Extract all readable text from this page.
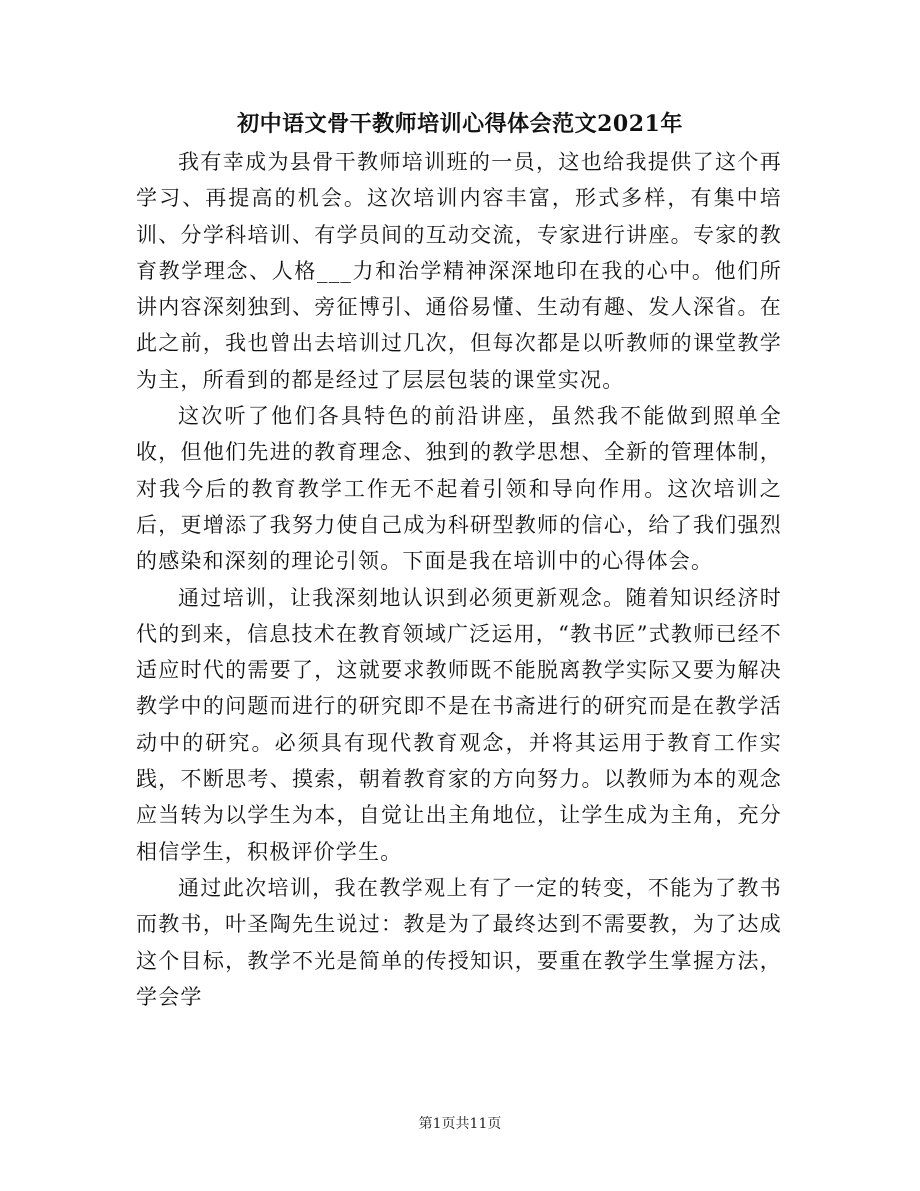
初中语文骨干教师培训心得体会范文2021年

我有幸成为县骨干教师培训班的一员，这也给我提供了这个再学习、再提高的机会。这次培训内容丰富，形式多样，有集中培训、分学科培训、有学员间的互动交流，专家进行讲座。专家的教育教学理念、人格___力和治学精神深深地印在我的心中。他们所讲内容深刻独到、旁征博引、通俗易懂、生动有趣、发人深省。在此之前，我也曾出去培训过几次，但每次都是以听教师的课堂教学为主，所看到的都是经过了层层包装的课堂实况。

这次听了他们各具特色的前沿讲座，虽然我不能做到照单全收，但他们先进的教育理念、独到的教学思想、全新的管理体制，对我今后的教育教学工作无不起着引领和导向作用。这次培训之后，更增添了我努力使自己成为科研型教师的信心，给了我们强烈的感染和深刻的理论引领。下面是我在培训中的心得体会。

通过培训，让我深刻地认识到必须更新观念。随着知识经济时代的到来，信息技术在教育领域广泛运用，“教书匠”式教师已经不适应时代的需要了，这就要求教师既不能脱离教学实际又要为解决教学中的问题而进行的研究即不是在书斋进行的研究而是在教学活动中的研究。必须具有现代教育观念，并将其运用于教育工作实践，不断思考、摸索，朝着教育家的方向努力。以教师为本的观念应当转为以学生为本，自觉让出主角地位，让学生成为主角，充分相信学生，积极评价学生。

通过此次培训，我在教学观上有了一定的转变，不能为了教书而教书，叶圣陶先生说过：教是为了最终达到不需要教，为了达成这个目标，教学不光是简单的传授知识，要重在教学生掌握方法，学会学

第1页共11页
